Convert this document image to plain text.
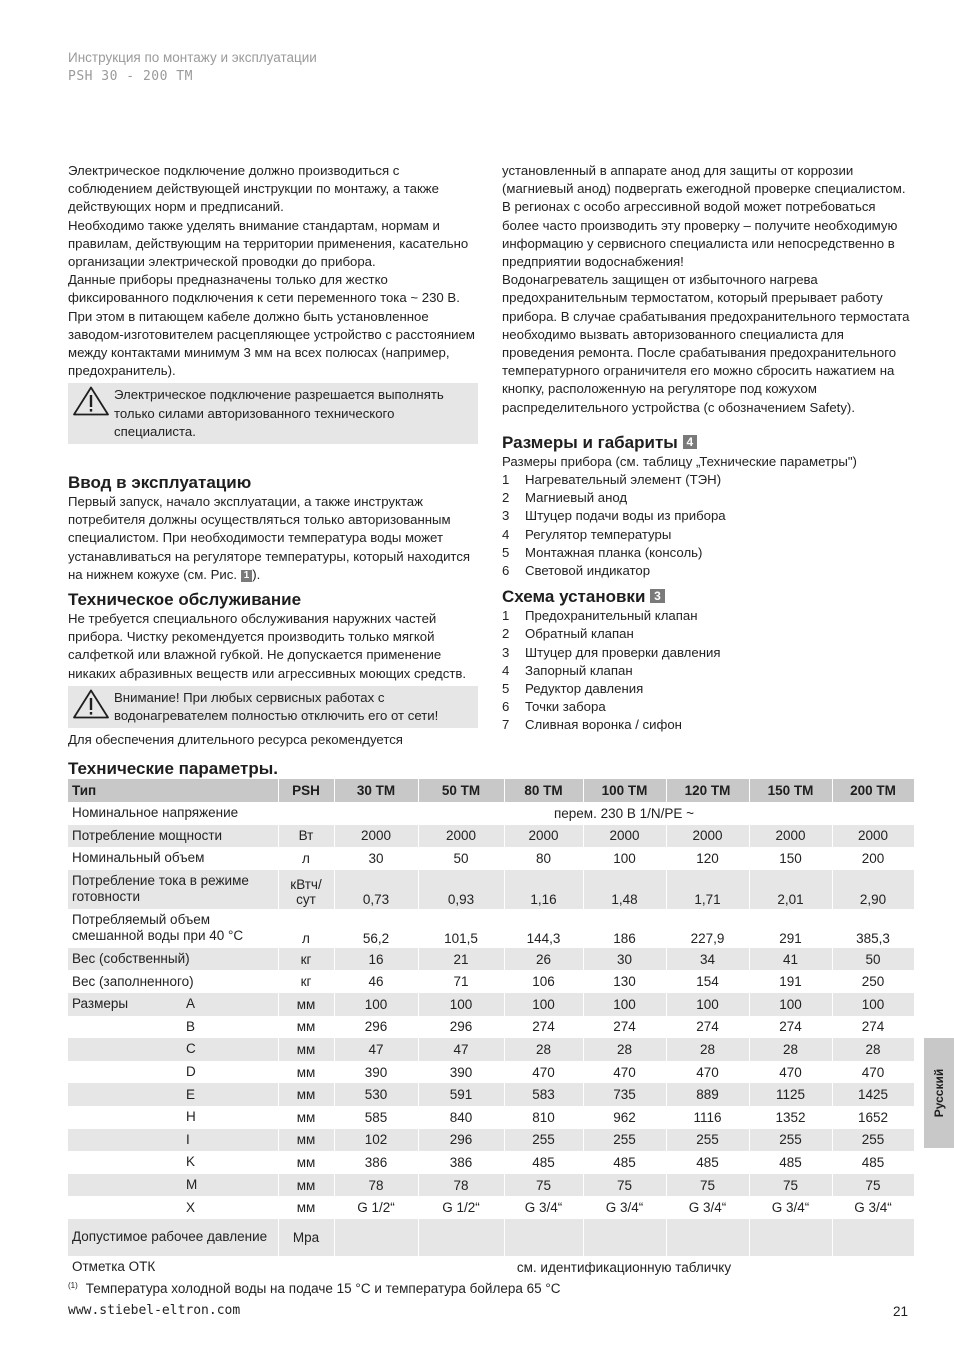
Инструкция по монтажу и эксплуатации
PSH 30 - 200 TM

Электрическое подключение должно производиться с соблюдением действующей инструкции по монтажу, а также действующих норм и предписаний.

Необходимо также уделять внимание стандартам, нормам и правилам, действующим на территории применения, касательно организации электрической проводки до прибора.

Данные приборы предназначены только для жестко фиксированного подключения к сети переменного тока ~ 230 В. При этом в питающем кабеле должно быть установленное заводом-изготовителем расцепляющее устройство с расстоянием между контактами минимум 3 мм на всех полюсах (например, предохранитель).

Электрическое подключение разрешается выполнять только силами авторизованного технического специалиста.
Ввод в эксплуатацию

Первый запуск, начало эксплуатации, а также инструктаж потребителя должны осуществляться только авторизованным специалистом. При необходимости температура воды может устанавливаться на регуляторе температуры, который находится на нижнем кожухе (см. Рис. 1 ).

Техническое обслуживание

Не требуется специального обслуживания наружних частей прибора. Чистку рекомендуется производить только мягкой салфеткой или влажной губкой. Не допускается применение никаких абразивных веществ или агрессивных моющих средств.

Внимание! При любых сервисных работах с водонагревателем полностью отключить его от сети!

Для обеспечения длительного ресурса рекомендуется

установленный в аппарате анод для защиты от коррозии (магниевый анод) подвергать ежегодной проверке специалистом. В регионах с особо агрессивной водой может потребоваться более часто производить эту проверку – получите необходимую информацию у сервисного специалиста или непосредственно в предприятии водоснабжения!

Водонагреватель защищен от избыточного нагрева предохранительным термостатом, который прерывает работу прибора. В случае срабатывания предохранительного термостата необходимо вызвать авторизованного специалиста для проведения ремонта. После срабатывания предохранительного температурного ограничителя его можно сбросить нажатием на кнопку, расположенную на регуляторе под кожухом распределительного устройства (с обозначением Safety).

Размеры и габариты 4

Размеры прибора (см. таблицу „Технические параметры")

1	Нагревательный элемент (ТЭН)
2	Магниевый анод
3	Штуцер подачи воды из прибора
4	Регулятор температуры
5	Монтажная планка (консоль)
6	Световой индикатор
Схема установки 3
1	Предохранительный клапан
2	Обратный клапан
3	Штуцер для проверки давления
4	Запорный клапан
5	Редуктор давления
6	Точки забора
7	Сливная воронка / сифон
Технические параметры.
Тип	PSH	30 TM	50 TM	80 TM	100 TM	120 TM	150 TM	200 TM
Номинальное напряжение		перем. 230 В 1/N/PE ~						
Потребление мощности	Вт	2000	2000	2000	2000	2000	2000	2000
Номинальный объем	л	30	50	80	100	120	150	200
Потребление тока в режиме готовности	кВтч/сут	0,73	0,93	1,16	1,48	1,71	2,01	2,90
Потребляемый объем смешанной воды при 40 °C	л	56,2	101,5	144,3	186	227,9	291	385,3
Вес (собственный)	кг	16	21	26	30	34	41	50
Вес (заполненного)	кг	46	71	106	130	154	191	250
Размеры A	мм	100	100	100	100	100	100	100
B	мм	296	296	274	274	274	274	274
C	мм	47	47	28	28	28	28	28
D	мм	390	390	470	470	470	470	470
E	мм	530	591	583	735	889	1125	1425
H	мм	585	840	810	962	1116	1352	1652
I	мм	102	296	255	255	255	255	255
K	мм	386	386	485	485	485	485	485
M	мм	78	78	75	75	75	75	75
X	мм	G 1/2“	G 1/2“	G 3/4“	G 3/4“	G 3/4“	G 3/4“	G 3/4“
Допустимое рабочее давление	Мра							
Отметка ОТК		см. идентификационную табличку						
$^{(1)}$ Температура холодной воды на подаче 15 °C и температура бойлера 65 °C
www.stiebel-eltron.com	21
Русский
